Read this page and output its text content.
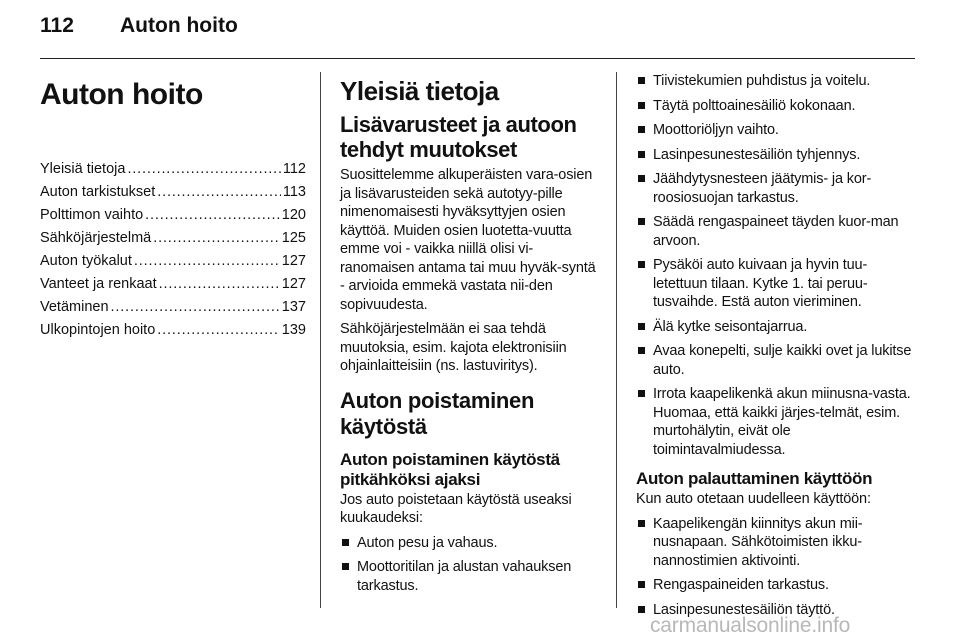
112 Auton hoito
Auton hoito
Yleisiä tietoja . . .	112
Auton tarkistukset . . .	113
Polttimon vaihto . . .	120
Sähköjärjestelmä . . .	125
Auton työkalut . . .	127
Vanteet ja renkaat . . .	127
Vetäminen . . .	137
Ulkopintojen hoito . . .	139
Yleisiä tietoja
Lisävarusteet ja autoon tehdyt muutokset

Suosittelemme alkuperäisten vara-osien ja lisävarusteiden sekä autotyy-pille nimenomaisesti hyväksyttyjen osien käyttöä. Muiden osien luotetta-vuutta emme voi - vaikka niillä olisi vi-ranomaisen antama tai muu hyväk-syntä - arvioida emmekä vastata nii-den sopivuudesta.

Sähköjärjestelmään ei saa tehdä muutoksia, esim. kajota elektronisiin ohjainlaitteisiin (ns. lastuviritys).

Auton poistaminen käytöstä
Auton poistaminen käytöstä pitkähköksi ajaksi

Jos auto poistetaan käytöstä useaksi kuukaudeksi:

Auton pesu ja vahaus.
Moottoritilan ja alustan vahauksen tarkastus.
Tiivistekumien puhdistus ja voitelu.
Täytä polttoainesäiliö kokonaan.
Moottoriöljyn vaihto.
Lasinpesunestesäiliön tyhjennys.
Jäähdytysnesteen jäätymis- ja kor-roosiosuojan tarkastus.
Säädä rengaspaineet täyden kuor-man arvoon.
Pysäköi auto kuivaan ja hyvin tuu-letettuun tilaan. Kytke 1. tai peruu-tusvaihde. Estä auton vieriminen.
Älä kytke seisontajarrua.
Avaa konepelti, sulje kaikki ovet ja lukitse auto.
Irrota kaapelikenkä akun miinusna-vasta. Huomaa, että kaikki järjes-telmät, esim. murtohälytin, eivät ole toimintavalmiudessa.
Auton palauttaminen käyttöön

Kun auto otetaan uudelleen käyttöön:

Kaapelikengän kiinnitys akun mii-nusnapaan. Sähkötoimisten ikku-nannostimien aktivointi.
Rengaspaineiden tarkastus.
Lasinpesunestesäiliön täyttö.
carmanualsonline.info
